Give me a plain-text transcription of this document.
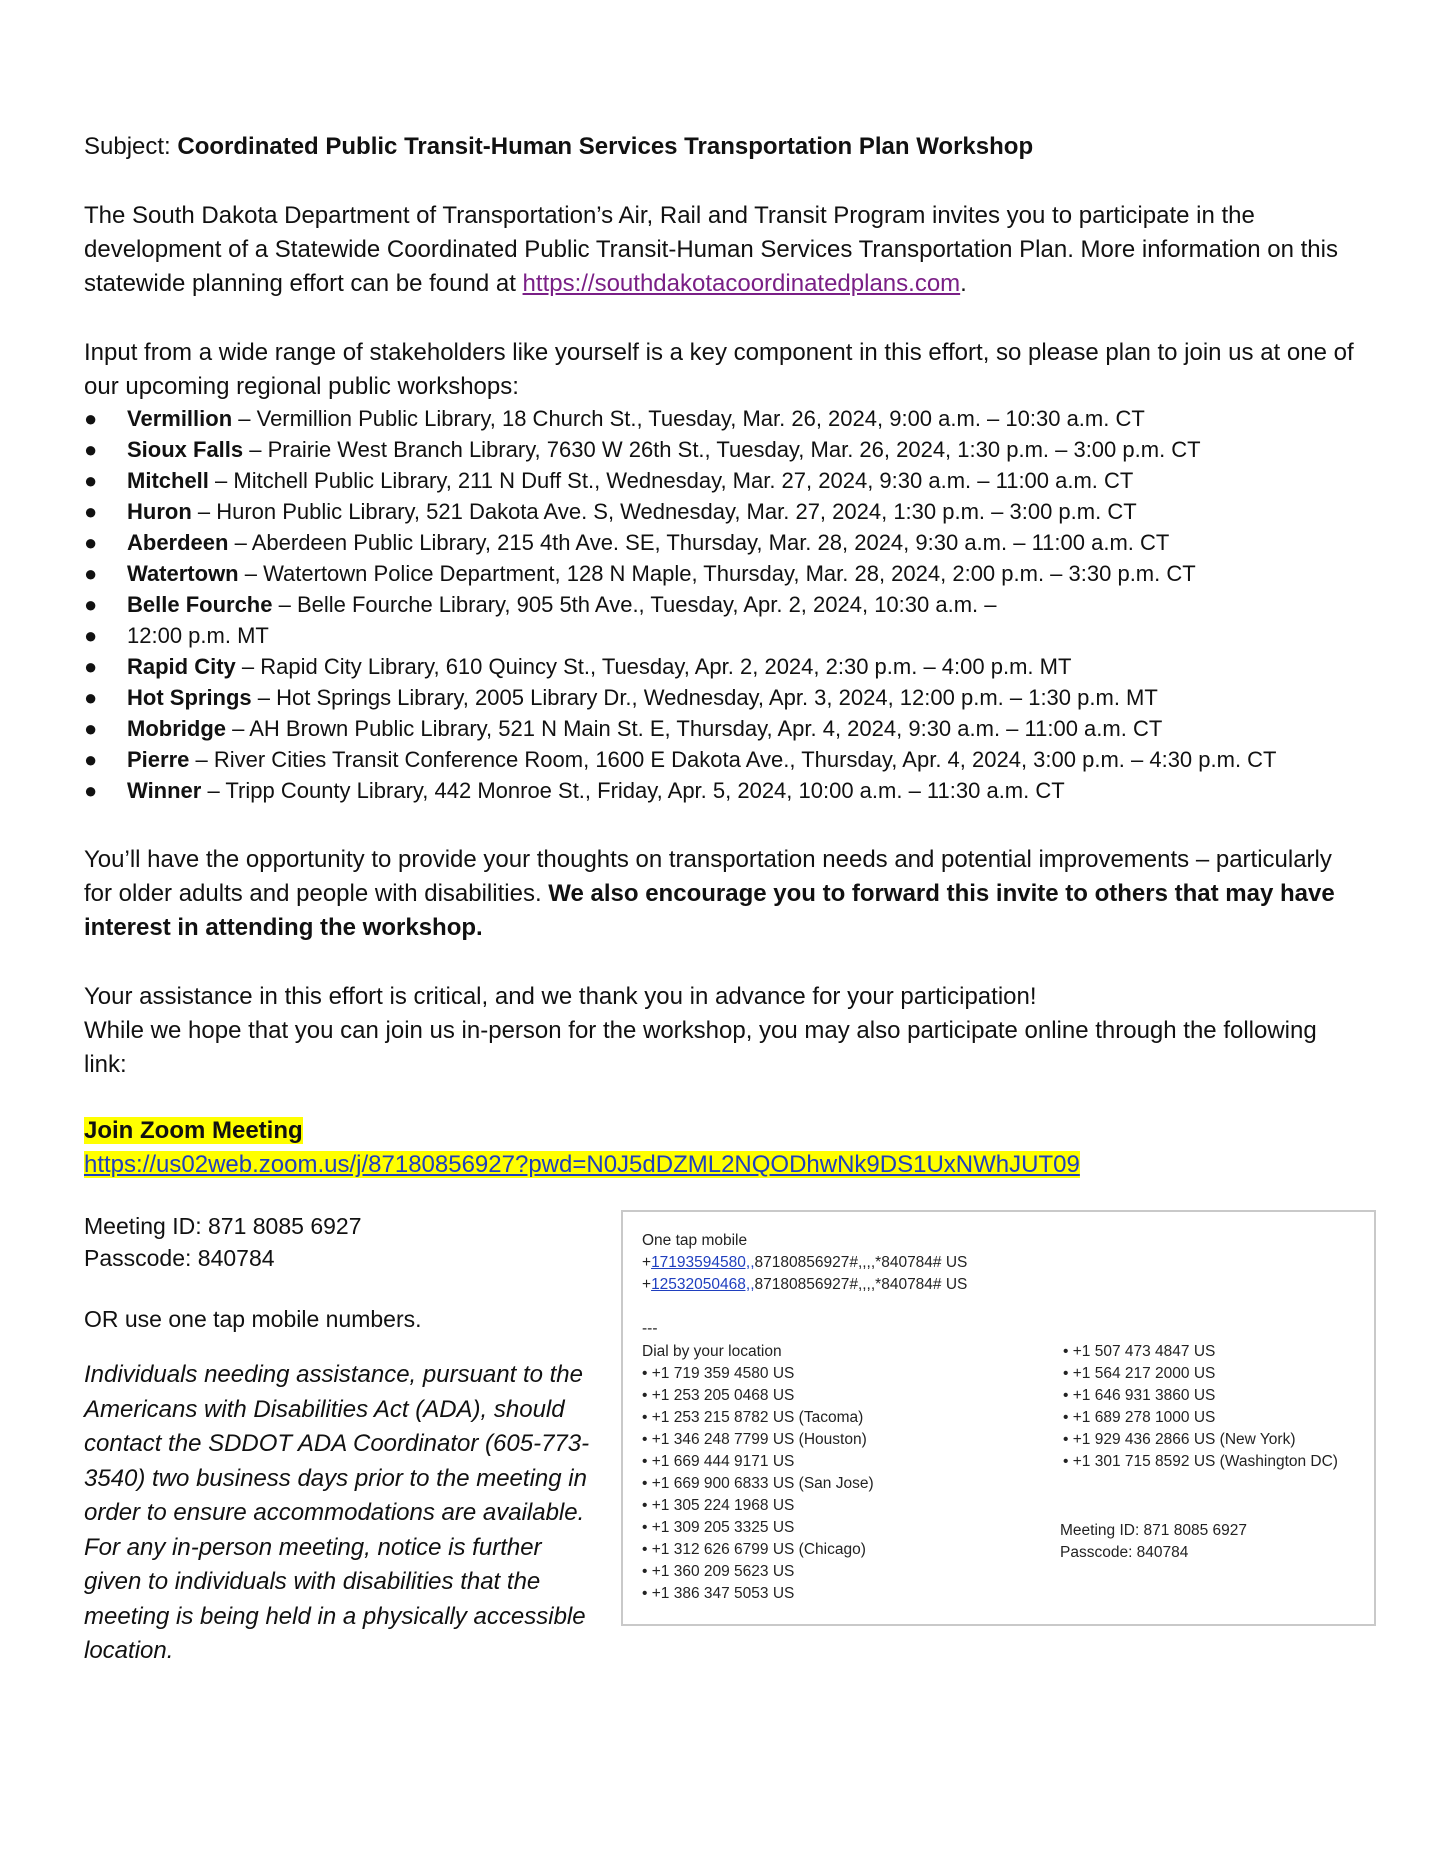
Subject: Coordinated Public Transit-Human Services Transportation Plan Workshop
The South Dakota Department of Transportation’s Air, Rail and Transit Program invites you to participate in the development of a Statewide Coordinated Public Transit-Human Services Transportation Plan. More information on this statewide planning effort can be found at https://southdakotacoordinatedplans.com.
Input from a wide range of stakeholders like yourself is a key component in this effort, so please plan to join us at one of our upcoming regional public workshops:
● Vermillion – Vermillion Public Library, 18 Church St., Tuesday, Mar. 26, 2024, 9:00 a.m. – 10:30 a.m. CT
● Sioux Falls – Prairie West Branch Library, 7630 W 26th St., Tuesday, Mar. 26, 2024, 1:30 p.m. – 3:00 p.m. CT
● Mitchell – Mitchell Public Library, 211 N Duff St., Wednesday, Mar. 27, 2024, 9:30 a.m. – 11:00 a.m. CT
● Huron – Huron Public Library, 521 Dakota Ave. S, Wednesday, Mar. 27, 2024, 1:30 p.m. – 3:00 p.m. CT
● Aberdeen – Aberdeen Public Library, 215 4th Ave. SE, Thursday, Mar. 28, 2024, 9:30 a.m. – 11:00 a.m. CT
● Watertown – Watertown Police Department, 128 N Maple, Thursday, Mar. 28, 2024, 2:00 p.m. – 3:30 p.m. CT
● Belle Fourche – Belle Fourche Library, 905 5th Ave., Tuesday, Apr. 2, 2024, 10:30 a.m. –
● 12:00 p.m. MT
● Rapid City – Rapid City Library, 610 Quincy St., Tuesday, Apr. 2, 2024, 2:30 p.m. – 4:00 p.m. MT
● Hot Springs – Hot Springs Library, 2005 Library Dr., Wednesday, Apr. 3, 2024, 12:00 p.m. – 1:30 p.m. MT
● Mobridge – AH Brown Public Library, 521 N Main St. E, Thursday, Apr. 4, 2024, 9:30 a.m. – 11:00 a.m. CT
● Pierre – River Cities Transit Conference Room, 1600 E Dakota Ave., Thursday, Apr. 4, 2024, 3:00 p.m. – 4:30 p.m. CT
● Winner – Tripp County Library, 442 Monroe St., Friday, Apr. 5, 2024, 10:00 a.m. – 11:30 a.m. CT
You’ll have the opportunity to provide your thoughts on transportation needs and potential improvements – particularly for older adults and people with disabilities. We also encourage you to forward this invite to others that may have interest in attending the workshop.
Your assistance in this effort is critical, and we thank you in advance for your participation!
While we hope that you can join us in-person for the workshop, you may also participate online through the following link:
Join Zoom Meeting
https://us02web.zoom.us/j/87180856927?pwd=N0J5dDZML2NQODhwNk9DS1UxNWhJUT09
Meeting ID: 871 8085 6927
Passcode: 840784
OR use one tap mobile numbers.
Individuals needing assistance, pursuant to the Americans with Disabilities Act (ADA), should contact the SDDOT ADA Coordinator (605-773-3540) two business days prior to the meeting in order to ensure accommodations are available. For any in-person meeting, notice is further given to individuals with disabilities that the meeting is being held in a physically accessible location.
One tap mobile
+17193594580,,87180856927#,,,,*840784# US
+12532050468,,87180856927#,,,,*840784# US
---
Dial by your location
• +1 719 359 4580 US
• +1 253 205 0468 US
• +1 253 215 8782 US (Tacoma)
• +1 346 248 7799 US (Houston)
• +1 669 444 9171 US
• +1 669 900 6833 US (San Jose)
• +1 305 224 1968 US
• +1 309 205 3325 US
• +1 312 626 6799 US (Chicago)
• +1 360 209 5623 US
• +1 386 347 5053 US
• +1 507 473 4847 US
• +1 564 217 2000 US
• +1 646 931 3860 US
• +1 689 278 1000 US
• +1 929 436 2866 US (New York)
• +1 301 715 8592 US (Washington DC)
Meeting ID: 871 8085 6927
Passcode: 840784
